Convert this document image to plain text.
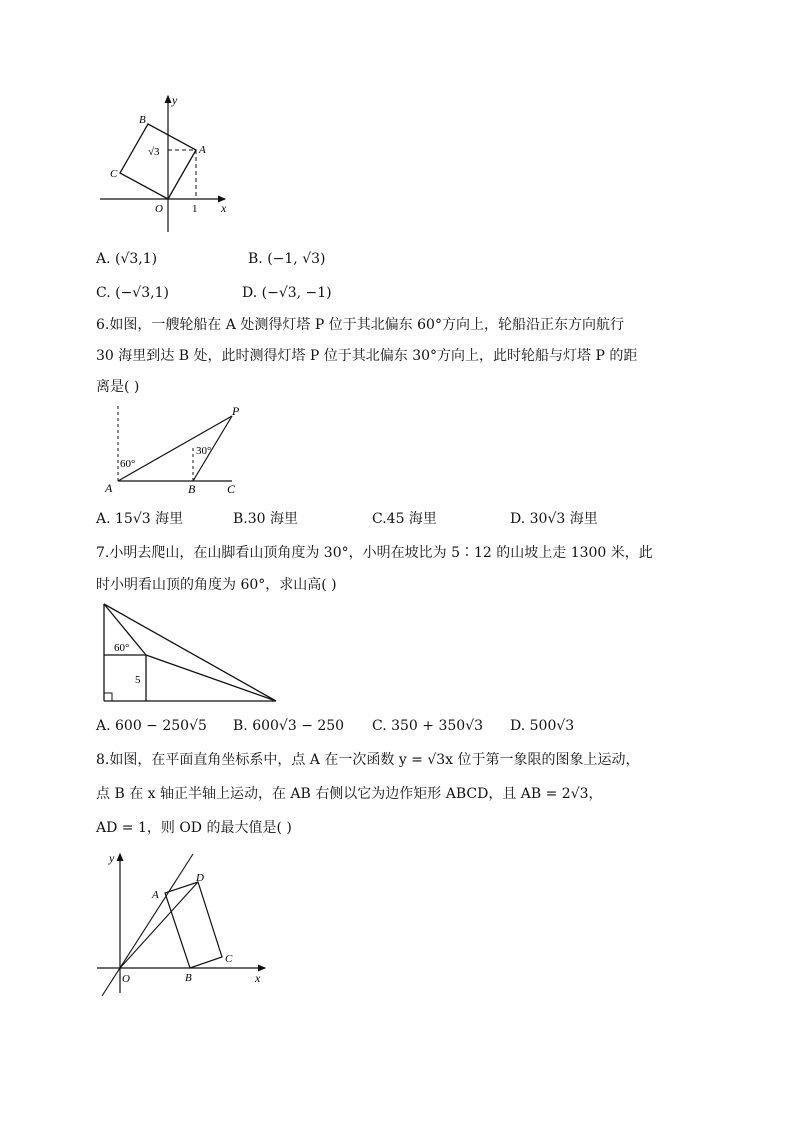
y
x
B
A
C
O	1
√3
A. (√3,1)	B. (−1, √3)
C. (−√3,1)	D. (−√3, −1)
6.如图，一艘轮船在 A 处测得灯塔 P 位于其北偏东 60°方向上，轮船沿正东方向航行
30 海里到达 B 处，此时测得灯塔 P 位于其北偏东 30°方向上，此时轮船与灯塔 P 的距
离是( )
P
A	B	C
60°
30°
A. 15√3 海里	B.30 海里	C.45 海里	D. 30√3 海里
7.小明去爬山，在山脚看山顶角度为 30°，小明在坡比为 5∶12 的山坡上走 1300 米，此
时小明看山顶的角度为 60°，求山高( )
60°
5
A. 600 − 250√5 B. 600√3 − 250 C. 350 + 350√3 D. 500√3
8.如图，在平面直角坐标系中，点 A 在一次函数 y = √3x 位于第一象限的图象上运动，
点 B 在 x 轴正半轴上运动，在 AB 右侧以它为边作矩形 ABCD，且 AB = 2√3，
AD = 1，则 OD 的最大值是( )
y
x
A
D
C
B
O
